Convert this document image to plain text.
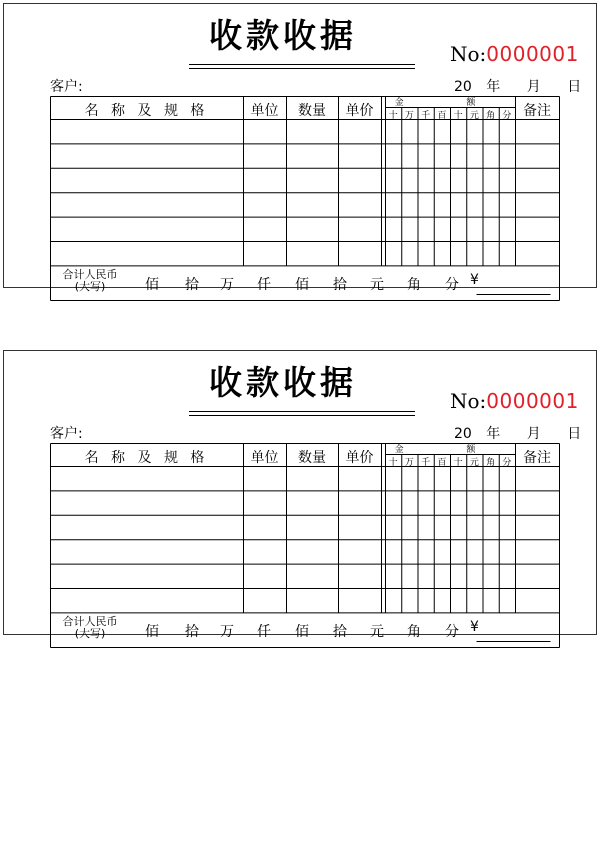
收款收据	No:0000001
客户:	20 年 月 日
名 称 及 规 格	单位	数量	单价	金 额	备注
十 万 千 百 十 元 角 分
合计人民币
(大写)	佰 拾 万 仟 佰 拾 元 角 分 ¥
收款收据	No:0000001
客户:	20 年 月 日
名 称 及 规 格	单位	数量	单价	金 额	备注
十 万 千 百 十 元 角 分
合计人民币
(大写)	佰 拾 万 仟 佰 拾 元 角 分 ¥
